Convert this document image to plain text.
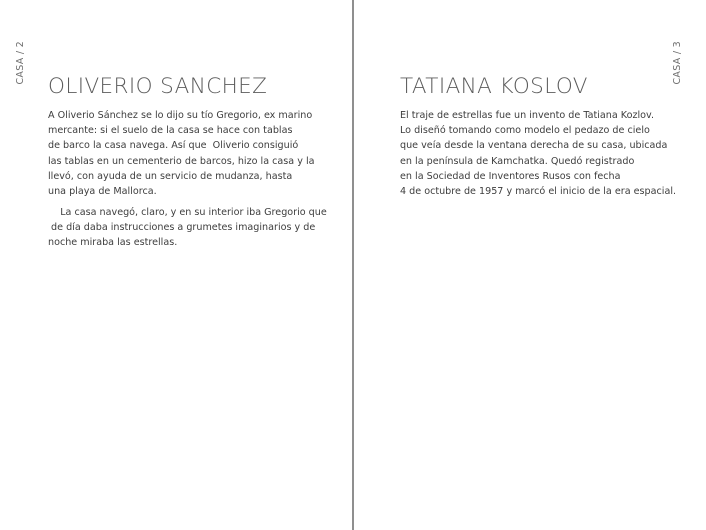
CASA / 2
OLIVERIO SANCHEZ
A Oliverio Sánchez se lo dijo su tío Gregorio, ex marino
mercante: si el suelo de la casa se hace con tablas
de barco la casa navega. Así que  Oliverio consiguió
las tablas en un cementerio de barcos, hizo la casa y la
llevó, con ayuda de un servicio de mudanza, hasta
una playa de Mallorca.
La casa navegó, claro, y en su interior iba Gregorio que
de día daba instrucciones a grumetes imaginarios y de
noche miraba las estrellas.
CASA / 3
TATIANA KOSLOV
El traje de estrellas fue un invento de Tatiana Kozlov.
Lo diseñó tomando como modelo el pedazo de cielo
que veía desde la ventana derecha de su casa, ubicada
en la península de Kamchatka. Quedó registrado
en la Sociedad de Inventores Rusos con fecha
4 de octubre de 1957 y marcó el inicio de la era espacial.
